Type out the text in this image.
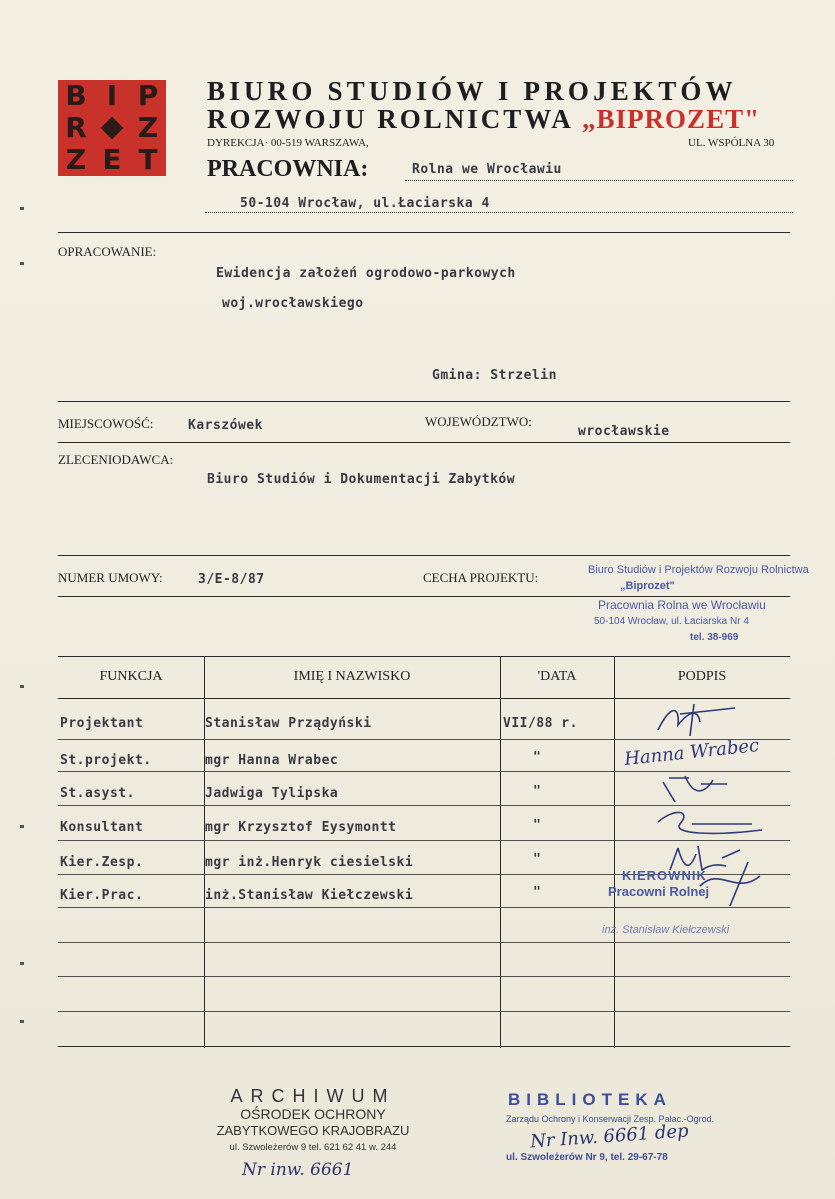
B I P
R Z
Z E T
BIURO STUDIÓW I PROJEKTÓW
ROZWOJU ROLNICTWA „BIPROZET"
DYREKCJA· 00-519 WARSZAWA,	UL. WSPÓLNA 30
PRACOWNIA:	Rolna we Wrocławiu
50-104 Wrocław, ul.Łaciarska 4
OPRACOWANIE:
Ewidencja założeń ogrodowo-parkowych
woj.wrocławskiego
Gmina: Strzelin
MIEJSCOWOŚĆ:	Karszówek	WOJEWÓDZTWO:
wrocławskie
ZLECENIODAWCA:
Biuro Studiów i Dokumentacji Zabytków
NUMER UMOWY:	3/E-8/87	CECHA PROJEKTU:	Biuro Studiów i Projektów Rozwoju Rolnictwa
„Biprozet"
Pracownia Rolna we Wrocławiu
50-104 Wrocław, ul. Łaciarska Nr 4
tel. 38-969
FUNKCJA	IMIĘ I NAZWISKO	'DATA	PODPIS
Projektant	Stanisław Prządyński	VII/88 r.
St.projekt.	mgr Hanna Wrabec	"
St.asyst.	Jadwiga Tylipska	"
Konsultant	mgr Krzysztof Eysymontt	"
Kier.Zesp.	mgr inż.Henryk ciesielski	"
Kier.Prac.	inż.Stanisław Kiełczewski	"
Hanna Wrabec
KIEROWNIK
Pracowni Rolnej
inż. Stanisław Kiełczewski
ARCHIWUM
OŚRODEK OCHRONY
ZABYTKOWEGO KRAJOBRAZU
ul. Szwoleżerów 9 tel. 621 62 41 w. 244
Nr inw. 6661
BIBLIOTEKA
Zarządu Ochrony i Konserwacji Zesp. Pałac.-Ogrod.
Nr Inw. 6661 dep
ul. Szwoleżerów Nr 9, tel. 29-67-78
